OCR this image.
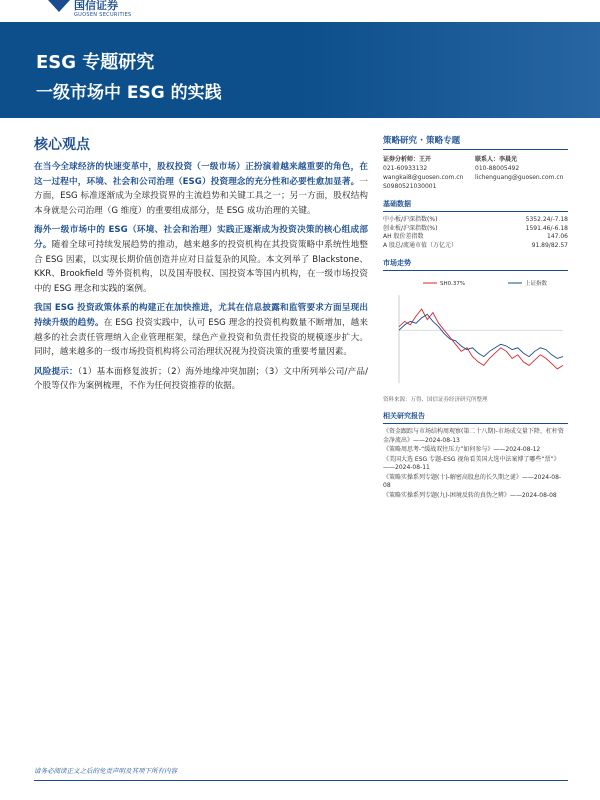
国信证券
GUOSEN SECURITIES
ESG 专题研究
一级市场中 ESG 的实践
核心观点

在当今全球经济的快速变革中，股权投资（一级市场）正扮演着越来越重要的角色，在这一过程中，环境、社会和公司治理（ESG）投资理念的充分性和必要性愈加显著。一方面，ESG 标准逐渐成为全球投资界的主流趋势和关键工具之一；另一方面，股权结构本身就是公司治理（G 维度）的重要组成部分，是 ESG 成功治理的关键。

海外一级市场中的 ESG（环境、社会和治理）实践正逐渐成为投资决策的核心组成部分。随着全球可持续发展趋势的推动，越来越多的投资机构在其投资策略中系统性地整合 ESG 因素，以实现长期价值创造并应对日益复杂的风险。本文列举了 Blackstone、KKR、Brookfield 等外资机构，以及国寿股权、国投资本等国内机构，在一级市场投资中的 ESG 理念和实践的案例。

我国 ESG 投资政策体系的构建正在加快推进，尤其在信息披露和监管要求方面呈现出持续升级的趋势。在 ESG 投资实践中，认可 ESG 理念的投资机构数量不断增加，越来越多的社会责任管理纳入企业管理框架，绿色产业投资和负责任投资的规模逐步扩大。同时，越来越多的一级市场投资机构将公司治理状况视为投资决策的重要考量因素。

风险提示：（1）基本面修复波折；（2）海外地缘冲突加剧；（3）文中所列举公司/产品/个股等仅作为案例梳理，不作为任何投资推荐的依据。

策略研究 · 策略专题
证券分析师：王开
021-60933132
wangkai8@guosen.com.cn
S0980521030001
联系人：李晨光
010-88005492
lichenguang@guosen.com.cn
基础数据
中小板/沪深指数(%)	5352.24/-7.18
创业板/沪深指数(%)	1591.46/-6.18
AH 股价差指数	147.06
A 股总/流通市值（万亿元）	91.89/82.57
市场走势
SH0.37%	上证指数
资料来源：万得、国信证券经济研究所整理
相关研究报告
《资金跟踪与市场结构周观察(第二十八期)-市场成交量下降、杠杆资金净流出》——2024-08-13
《策略周思考-“缓战双往压力”如何参与》——2024-08-12
《美国大选 ESG 专题-ESG 视角看美国大选中法案博了哪些“票”》——2024-08-11
《策略实操系列专题(十)-解密高股息的长久期之谜》——2024-08-08
《策略实操系列专题(九)-困境反转的真伪之辨》——2024-08-08
请务必阅读正文之后的免责声明及其项下所有内容
